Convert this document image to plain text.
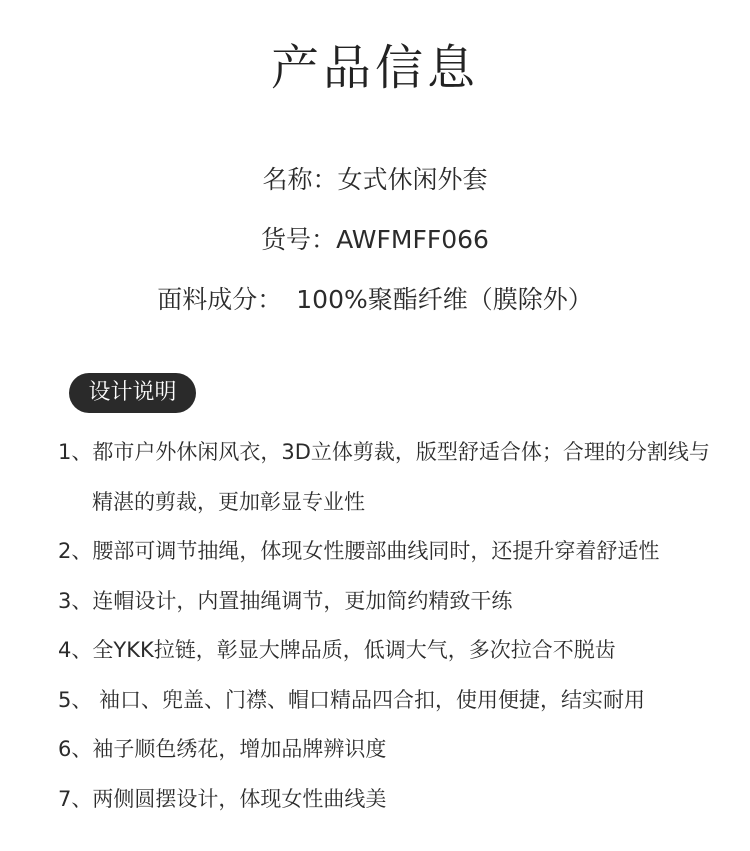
产品信息
名称：女式休闲外套
货号：AWFMFF066
面料成分： 100%聚酯纤维（膜除外）
设计说明
1、都市户外休闲风衣，3D立体剪裁，版型舒适合体；合理的分割线与精湛的剪裁，更加彰显专业性
2、腰部可调节抽绳，体现女性腰部曲线同时，还提升穿着舒适性
3、连帽设计，内置抽绳调节，更加简约精致干练
4、全YKK拉链，彰显大牌品质，低调大气，多次拉合不脱齿
5、 袖口、兜盖、门襟、帽口精品四合扣，使用便捷，结实耐用
6、袖子顺色绣花，增加品牌辨识度
7、两侧圆摆设计，体现女性曲线美
